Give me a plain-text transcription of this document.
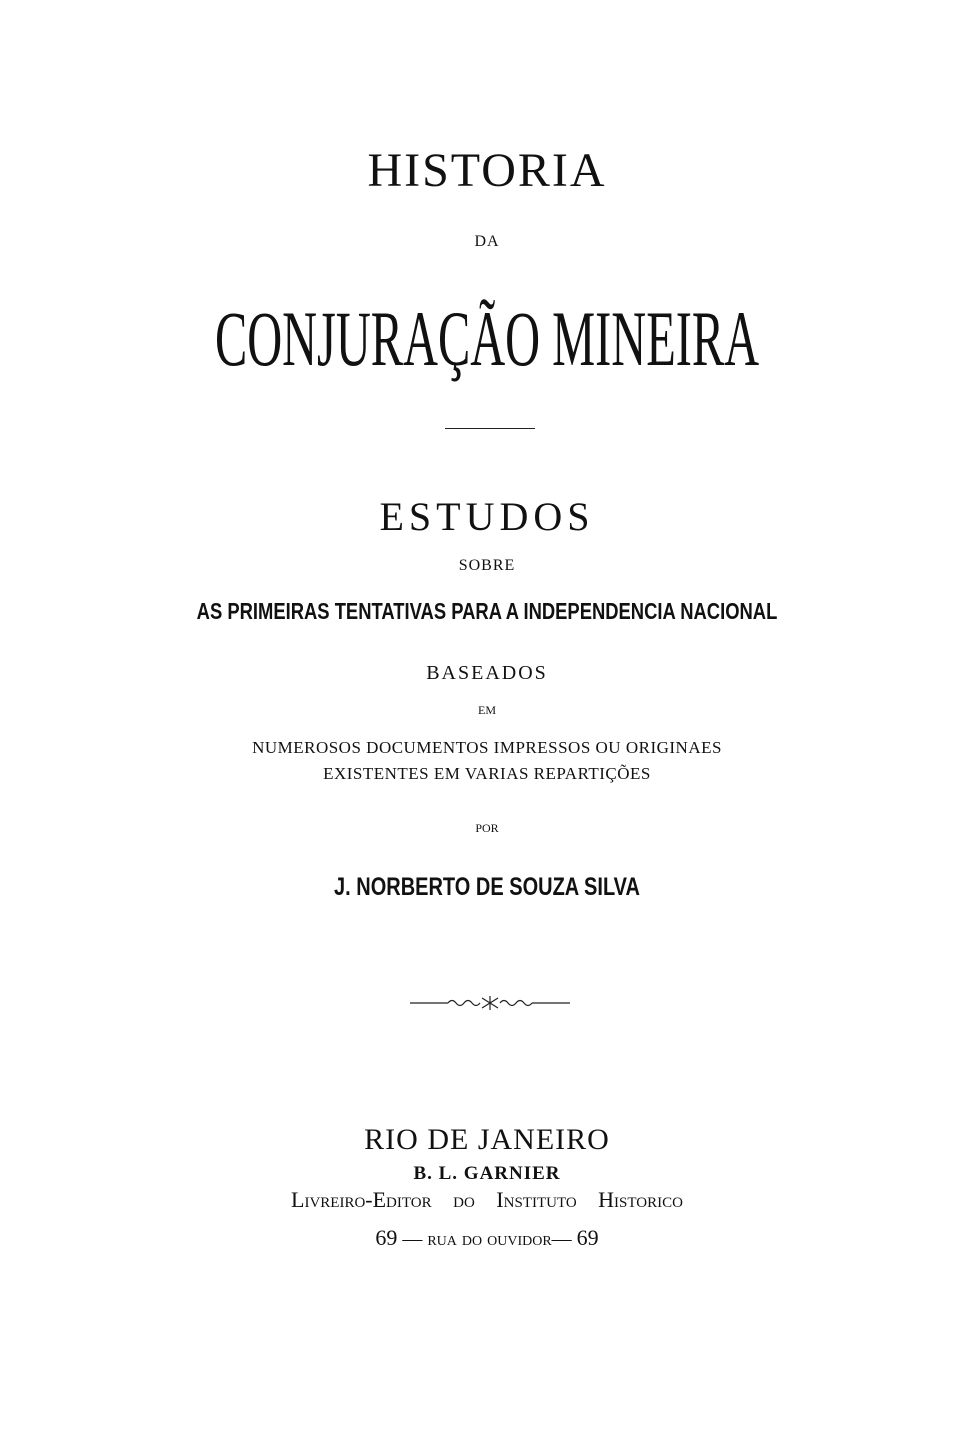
HISTORIA
DA
CONJURAÇÃO MINEIRA
ESTUDOS
SOBRE
AS PRIMEIRAS TENTATIVAS PARA A INDEPENDENCIA NACIONAL
BASEADOS
EM
NUMEROSOS DOCUMENTOS IMPRESSOS OU ORIGINAES
EXISTENTES EM VARIAS REPARTIÇÕES
POR
J. NORBERTO DE SOUZA SILVA
RIO DE JANEIRO
B. L. GARNIER
Livreiro-Editor do Instituto Historico
69 — rua do ouvidor— 69
